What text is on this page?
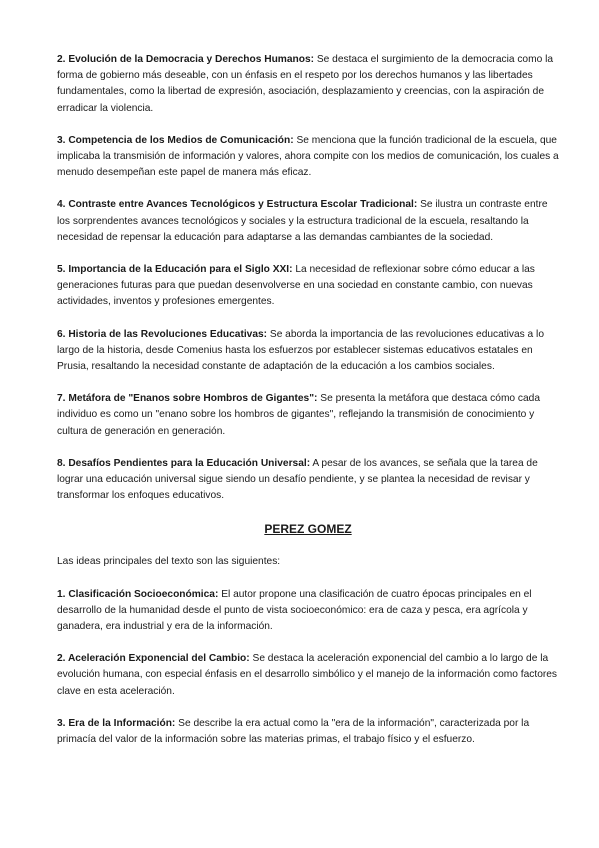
2. Evolución de la Democracia y Derechos Humanos: Se destaca el surgimiento de la democracia como la forma de gobierno más deseable, con un énfasis en el respeto por los derechos humanos y las libertades fundamentales, como la libertad de expresión, asociación, desplazamiento y creencias, con la aspiración de erradicar la violencia.

3. Competencia de los Medios de Comunicación: Se menciona que la función tradicional de la escuela, que implicaba la transmisión de información y valores, ahora compite con los medios de comunicación, los cuales a menudo desempeñan este papel de manera más eficaz.

4. Contraste entre Avances Tecnológicos y Estructura Escolar Tradicional: Se ilustra un contraste entre los sorprendentes avances tecnológicos y sociales y la estructura tradicional de la escuela, resaltando la necesidad de repensar la educación para adaptarse a las demandas cambiantes de la sociedad.

5. Importancia de la Educación para el Siglo XXI: La necesidad de reflexionar sobre cómo educar a las generaciones futuras para que puedan desenvolverse en una sociedad en constante cambio, con nuevas actividades, inventos y profesiones emergentes.

6. Historia de las Revoluciones Educativas: Se aborda la importancia de las revoluciones educativas a lo largo de la historia, desde Comenius hasta los esfuerzos por establecer sistemas educativos estatales en Prusia, resaltando la necesidad constante de adaptación de la educación a los cambios sociales.

7. Metáfora de "Enanos sobre Hombros de Gigantes": Se presenta la metáfora que destaca cómo cada individuo es como un "enano sobre los hombros de gigantes", reflejando la transmisión de conocimiento y cultura de generación en generación.

8. Desafíos Pendientes para la Educación Universal: A pesar de los avances, se señala que la tarea de lograr una educación universal sigue siendo un desafío pendiente, y se plantea la necesidad de revisar y transformar los enfoques educativos.

PEREZ GOMEZ

Las ideas principales del texto son las siguientes:

1. Clasificación Socioeconómica: El autor propone una clasificación de cuatro épocas principales en el desarrollo de la humanidad desde el punto de vista socioeconómico: era de caza y pesca, era agrícola y ganadera, era industrial y era de la información.

2. Aceleración Exponencial del Cambio: Se destaca la aceleración exponencial del cambio a lo largo de la evolución humana, con especial énfasis en el desarrollo simbólico y el manejo de la información como factores clave en esta aceleración.

3. Era de la Información: Se describe la era actual como la "era de la información", caracterizada por la primacía del valor de la información sobre las materias primas, el trabajo físico y el esfuerzo.
